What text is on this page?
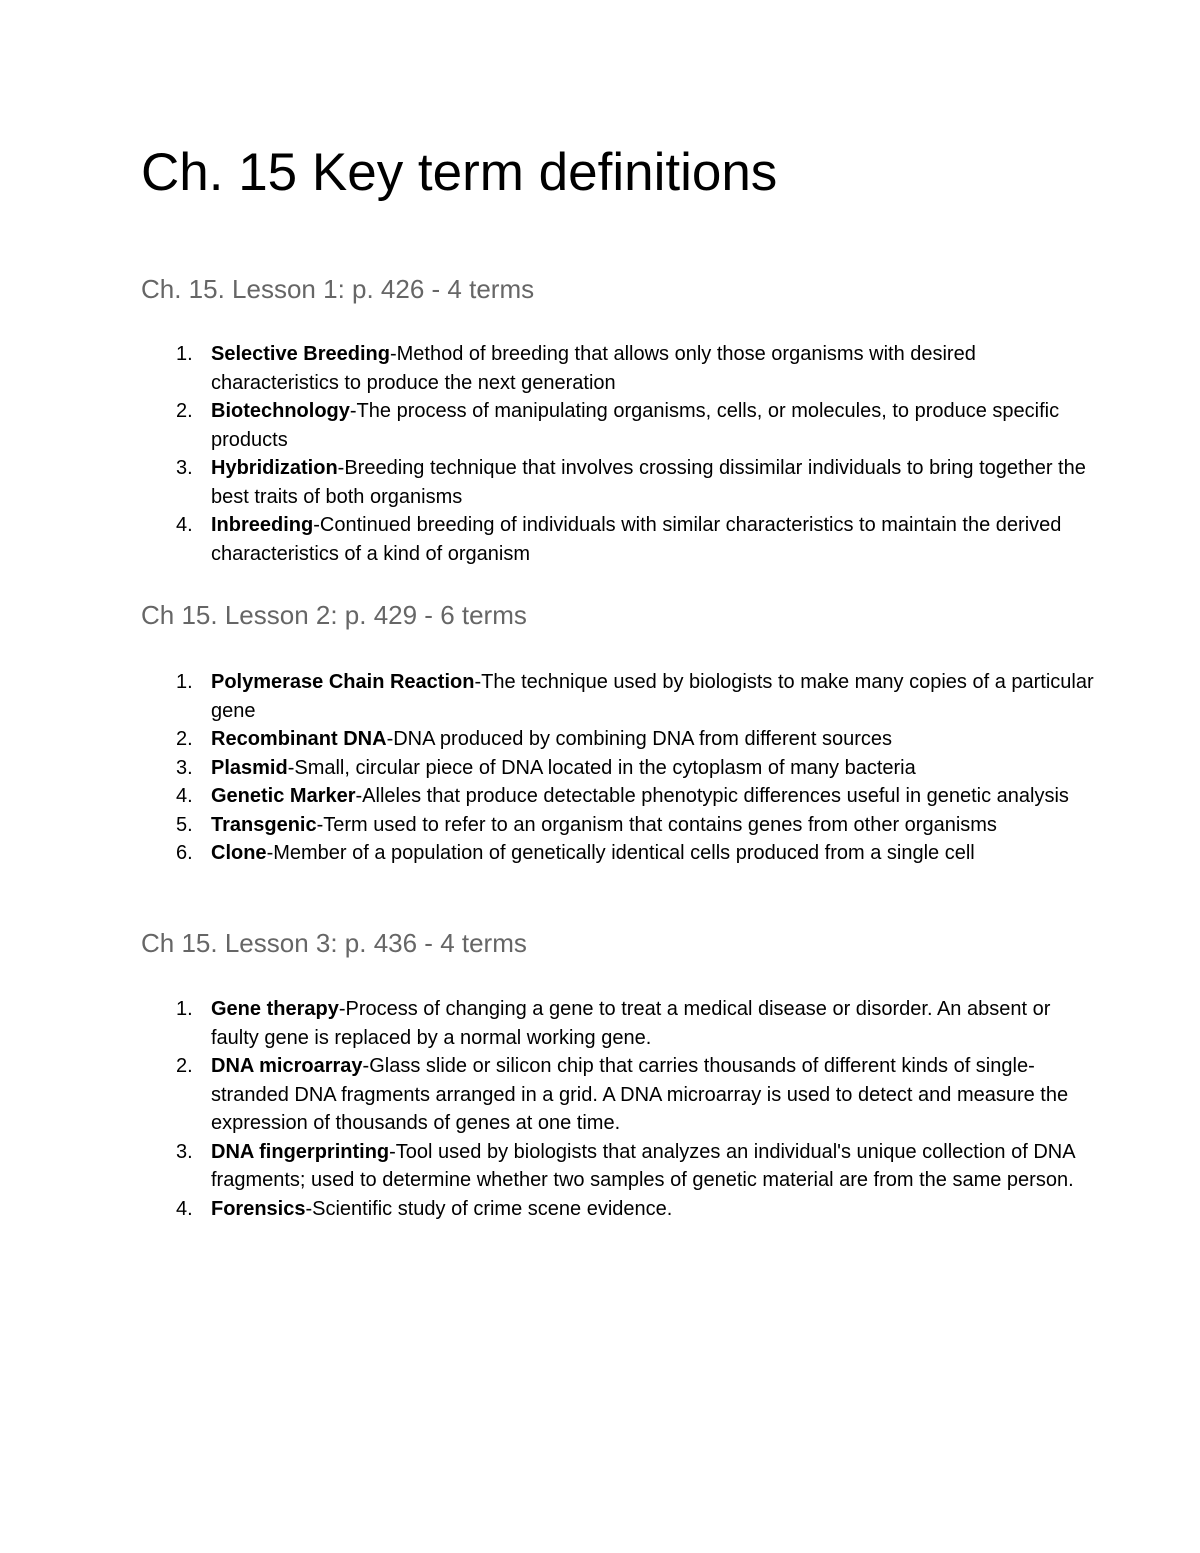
Ch. 15 Key term definitions
Ch. 15. Lesson 1: p. 426 - 4 terms
1. Selective Breeding-Method of breeding that allows only those organisms with desired characteristics to produce the next generation
2. Biotechnology-The process of manipulating organisms, cells, or molecules, to produce specific products
3. Hybridization-Breeding technique that involves crossing dissimilar individuals to bring together the best traits of both organisms
4. Inbreeding-Continued breeding of individuals with similar characteristics to maintain the derived characteristics of a kind of organism
Ch 15. Lesson 2: p. 429 - 6 terms
1. Polymerase Chain Reaction-The technique used by biologists to make many copies of a particular gene
2. Recombinant DNA-DNA produced by combining DNA from different sources
3. Plasmid-Small, circular piece of DNA located in the cytoplasm of many bacteria
4. Genetic Marker-Alleles that produce detectable phenotypic differences useful in genetic analysis
5. Transgenic-Term used to refer to an organism that contains genes from other organisms
6. Clone-Member of a population of genetically identical cells produced from a single cell
Ch 15. Lesson 3: p. 436 - 4 terms
1. Gene therapy-Process of changing a gene to treat a medical disease or disorder. An absent or faulty gene is replaced by a normal working gene.
2. DNA microarray-Glass slide or silicon chip that carries thousands of different kinds of single-stranded DNA fragments arranged in a grid. A DNA microarray is used to detect and measure the expression of thousands of genes at one time.
3. DNA fingerprinting-Tool used by biologists that analyzes an individual's unique collection of DNA fragments; used to determine whether two samples of genetic material are from the same person.
4. Forensics-Scientific study of crime scene evidence.
